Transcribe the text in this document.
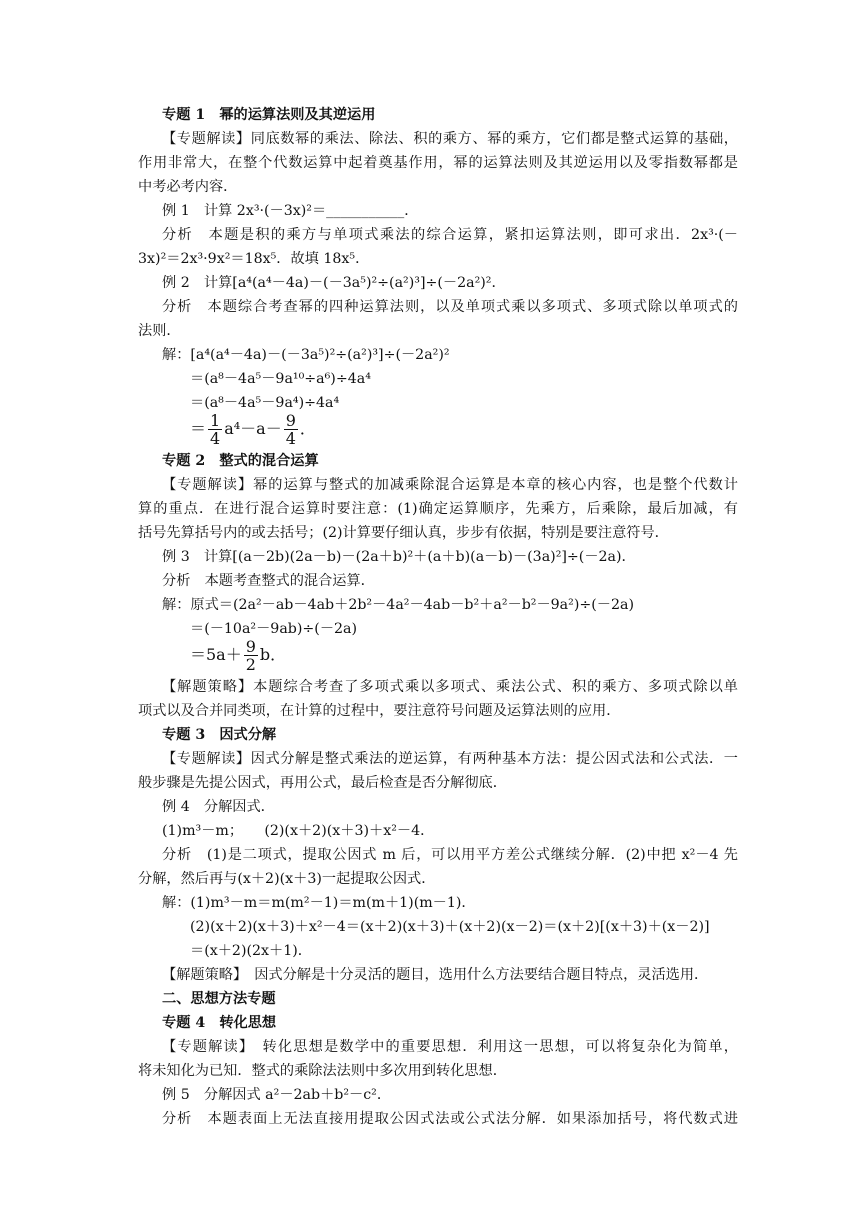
专题 1　幂的运算法则及其逆运用
【专题解读】同底数幂的乘法、除法、积的乘方、幂的乘方，它们都是整式运算的基础，
作用非常大，在整个代数运算中起着奠基作用，幂的运算法则及其逆运用以及零指数幂都是
中考必考内容．
例 1　计算 2x³·(－3x)²＝___________．
分析　本题是积的乘方与单项式乘法的综合运算，紧扣运算法则，即可求出．2x³·(－
3x)²＝2x³·9x²＝18x⁵．故填 18x⁵．
例 2　计算[a⁴(a⁴－4a)－(－3a⁵)²÷(a²)³]÷(－2a²)²．
分析　本题综合考查幂的四种运算法则，以及单项式乘以多项式、多项式除以单项式的
法则．
解：[a⁴(a⁴－4a)－(－3a⁵)²÷(a²)³]÷(－2a²)²
＝(a⁸－4a⁵－9a¹⁰÷a⁶)÷4a⁴
＝(a⁸－4a⁵－9a⁴)÷4a⁴
专题 2　整式的混合运算
【专题解读】幂的运算与整式的加减乘除混合运算是本章的核心内容，也是整个代数计
算的重点．在进行混合运算时要注意：(1)确定运算顺序，先乘方，后乘除，最后加减，有
括号先算括号内的或去括号；(2)计算要仔细认真，步步有依据，特别是要注意符号．
例 3　计算[(a－2b)(2a－b)－(2a＋b)²＋(a＋b)(a－b)－(3a)²]÷(－2a)．
分析　本题考查整式的混合运算．
解：原式＝(2a²－ab－4ab＋2b²－4a²－4ab－b²＋a²－b²－9a²)÷(－2a)
＝(－10a²－9ab)÷(－2a)
【解题策略】本题综合考查了多项式乘以多项式、乘法公式、积的乘方、多项式除以单
项式以及合并同类项，在计算的过程中，要注意符号问题及运算法则的应用．
专题 3　因式分解
【专题解读】因式分解是整式乘法的逆运算，有两种基本方法：提公因式法和公式法．一
般步骤是先提公因式，再用公式，最后检查是否分解彻底．
例 4　分解因式．
(1)m³－m；　　(2)(x＋2)(x＋3)＋x²－4．
分析　(1)是二项式，提取公因式 m 后，可以用平方差公式继续分解．(2)中把 x²－4 先
分解，然后再与(x＋2)(x＋3)一起提取公因式．
解：(1)m³－m＝m(m²－1)＝m(m＋1)(m－1)．
(2)(x＋2)(x＋3)＋x²－4＝(x＋2)(x＋3)＋(x＋2)(x－2)＝(x＋2)[(x＋3)＋(x－2)]
＝(x＋2)(2x＋1)．
【解题策略】　因式分解是十分灵活的题目，选用什么方法要结合题目特点，灵活选用．
二、思想方法专题
专题 4　转化思想
【专题解读】　转化思想是数学中的重要思想．利用这一思想，可以将复杂化为简单，
将未知化为已知．整式的乘除法法则中多次用到转化思想．
例 5　分解因式 a²－2ab＋b²－c²．
分析　本题表面上无法直接用提取公因式法或公式法分解．如果添加括号，将代数式进
＝ $\frac{1}{4} a^4-a- \frac{9}{4}$ ．
$=5a+ \frac{9}{2}$ b．
